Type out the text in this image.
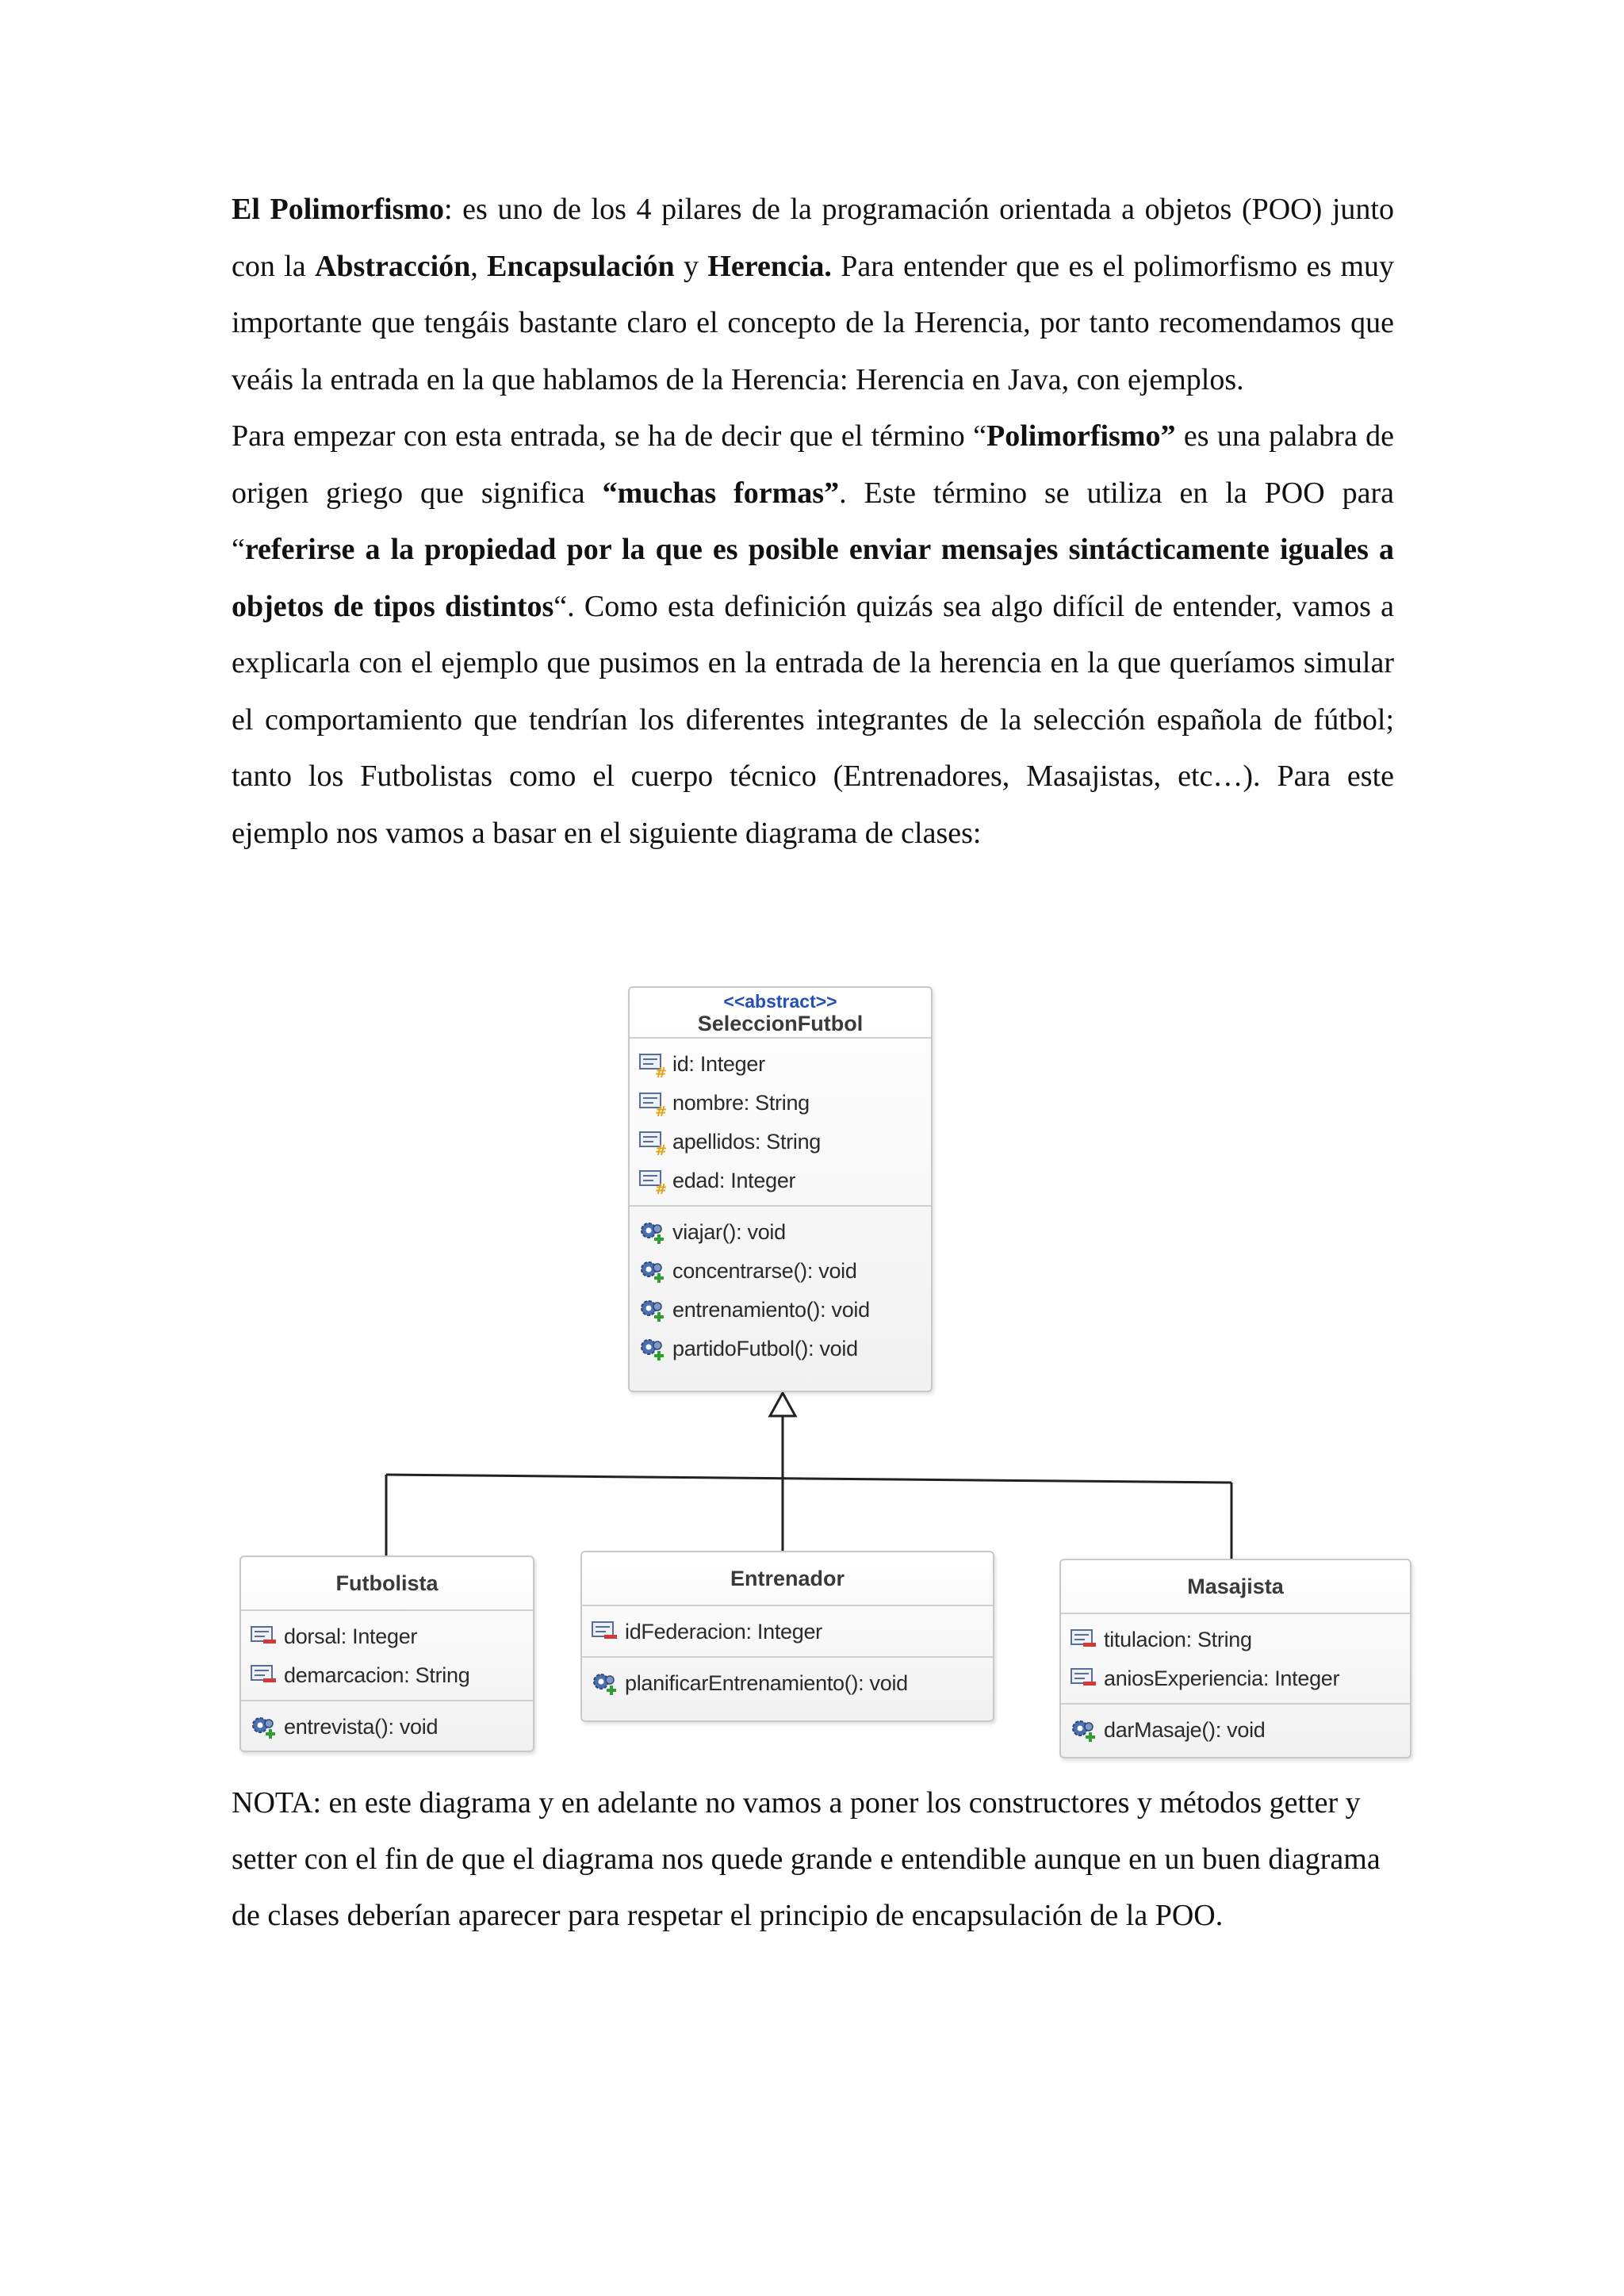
El Polimorfismo: es uno de los 4 pilares de la programación orientada a objetos (POO) junto con la Abstracción, Encapsulación y Herencia. Para entender que es el polimorfismo es muy importante que tengáis bastante claro el concepto de la Herencia, por tanto recomendamos que veáis la entrada en la que hablamos de la Herencia: Herencia en Java, con ejemplos.

Para empezar con esta entrada, se ha de decir que el término “Polimorfismo” es una palabra de origen griego que significa “muchas formas”. Este término se utiliza en la POO para “referirse a la propiedad por la que es posible enviar mensajes sintácticamente iguales a objetos de tipos distintos“. Como esta definición quizás sea algo difícil de entender, vamos a explicarla con el ejemplo que pusimos en la entrada de la herencia en la que queríamos simular el comportamiento que tendrían los diferentes integrantes de la selección española de fútbol; tanto los Futbolistas como el cuerpo técnico (Entrenadores, Masajistas, etc…). Para este ejemplo nos vamos a basar en el siguiente diagrama de clases:

<<abstract>>
SeleccionFutbol
# id: Integer
# nombre: String
# apellidos: String
# edad: Integer
viajar(): void
concentrarse(): void
entrenamiento(): void
partidoFutbol(): void
Futbolista
dorsal: Integer
demarcacion: String
entrevista(): void
Entrenador
idFederacion: Integer
planificarEntrenamiento(): void
Masajista
titulacion: String
aniosExperiencia: Integer
darMasaje(): void

NOTA: en este diagrama y en adelante no vamos a poner los constructores y métodos getter y setter con el fin de que el diagrama nos quede grande e entendible aunque en un buen diagrama de clases deberían aparecer para respetar el principio de encapsulación de la POO.
